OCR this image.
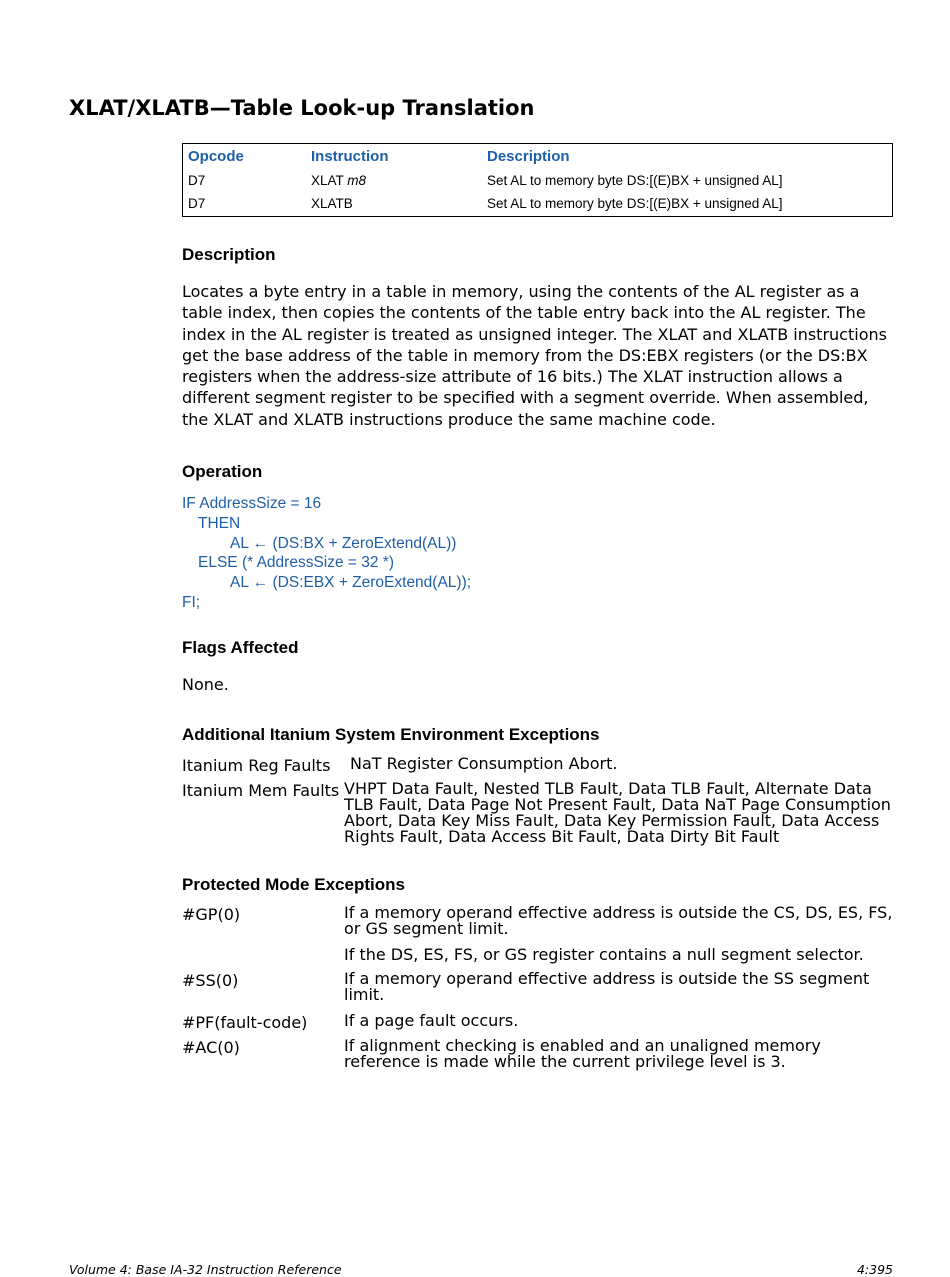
XLAT/XLATB—Table Look-up Translation
Opcode	Instruction	Description
D7	XLAT m8	Set AL to memory byte DS:[(E)BX + unsigned AL]
D7	XLATB	Set AL to memory byte DS:[(E)BX + unsigned AL]
Description
Locates a byte entry in a table in memory, using the contents of the AL register as a
table index, then copies the contents of the table entry back into the AL register. The
index in the AL register is treated as unsigned integer. The XLAT and XLATB instructions
get the base address of the table in memory from the DS:EBX registers (or the DS:BX
registers when the address-size attribute of 16 bits.) The XLAT instruction allows a
different segment register to be specified with a segment override. When assembled,
the XLAT and XLATB instructions produce the same machine code.
Operation
IF AddressSize = 16
THEN
AL ← (DS:BX + ZeroExtend(AL))
ELSE (* AddressSize = 32 *)
AL ← (DS:EBX + ZeroExtend(AL));
FI;
Flags Affected
None.
Additional Itanium System Environment Exceptions
Itanium Reg Faults NaT Register Consumption Abort.
Itanium Mem Faults VHPT Data Fault, Nested TLB Fault, Data TLB Fault, Alternate Data
TLB Fault, Data Page Not Present Fault, Data NaT Page Consumption
Abort, Data Key Miss Fault, Data Key Permission Fault, Data Access
Rights Fault, Data Access Bit Fault, Data Dirty Bit Fault
Protected Mode Exceptions
#GP(0)	If a memory operand effective address is outside the CS, DS, ES, FS,
or GS segment limit.
If the DS, ES, FS, or GS register contains a null segment selector.
#SS(0)	If a memory operand effective address is outside the SS segment
limit.
#PF(fault-code) If a page fault occurs.
#AC(0)	If alignment checking is enabled and an unaligned memory
reference is made while the current privilege level is 3.
Volume 4: Base IA-32 Instruction Reference	4:395
